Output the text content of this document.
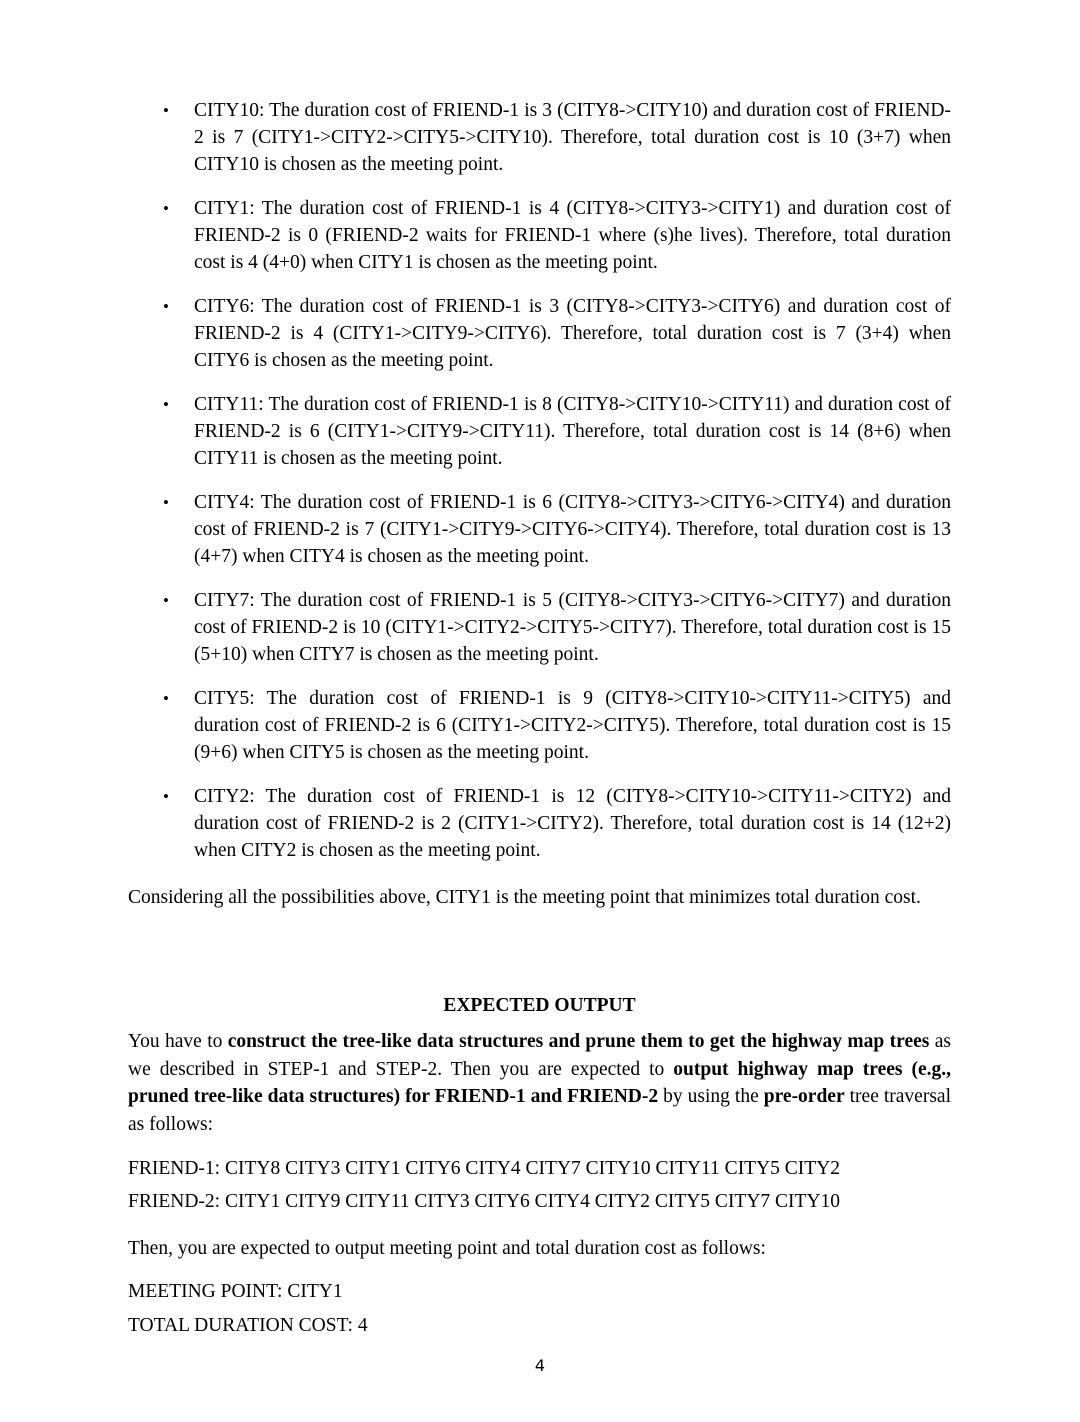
• CITY10: The duration cost of FRIEND-1 is 3 (CITY8->CITY10) and duration cost of FRIEND-2 is 7 (CITY1->CITY2->CITY5->CITY10). Therefore, total duration cost is 10 (3+7) when CITY10 is chosen as the meeting point.
• CITY1: The duration cost of FRIEND-1 is 4 (CITY8->CITY3->CITY1) and duration cost of FRIEND-2 is 0 (FRIEND-2 waits for FRIEND-1 where (s)he lives). Therefore, total duration cost is 4 (4+0) when CITY1 is chosen as the meeting point.
• CITY6: The duration cost of FRIEND-1 is 3 (CITY8->CITY3->CITY6) and duration cost of FRIEND-2 is 4 (CITY1->CITY9->CITY6). Therefore, total duration cost is 7 (3+4) when CITY6 is chosen as the meeting point.
• CITY11: The duration cost of FRIEND-1 is 8 (CITY8->CITY10->CITY11) and duration cost of FRIEND-2 is 6 (CITY1->CITY9->CITY11). Therefore, total duration cost is 14 (8+6) when CITY11 is chosen as the meeting point.
• CITY4: The duration cost of FRIEND-1 is 6 (CITY8->CITY3->CITY6->CITY4) and duration cost of FRIEND-2 is 7 (CITY1->CITY9->CITY6->CITY4). Therefore, total duration cost is 13 (4+7) when CITY4 is chosen as the meeting point.
• CITY7: The duration cost of FRIEND-1 is 5 (CITY8->CITY3->CITY6->CITY7) and duration cost of FRIEND-2 is 10 (CITY1->CITY2->CITY5->CITY7). Therefore, total duration cost is 15 (5+10) when CITY7 is chosen as the meeting point.
• CITY5: The duration cost of FRIEND-1 is 9 (CITY8->CITY10->CITY11->CITY5) and duration cost of FRIEND-2 is 6 (CITY1->CITY2->CITY5). Therefore, total duration cost is 15 (9+6) when CITY5 is chosen as the meeting point.
• CITY2: The duration cost of FRIEND-1 is 12 (CITY8->CITY10->CITY11->CITY2) and duration cost of FRIEND-2 is 2 (CITY1->CITY2). Therefore, total duration cost is 14 (12+2) when CITY2 is chosen as the meeting point.

Considering all the possibilities above, CITY1 is the meeting point that minimizes total duration cost.

EXPECTED OUTPUT

You have to construct the tree-like data structures and prune them to get the highway map trees as we described in STEP-1 and STEP-2. Then you are expected to output highway map trees (e.g., pruned tree-like data structures) for FRIEND-1 and FRIEND-2 by using the pre-order tree traversal as follows:

FRIEND-1: CITY8 CITY3 CITY1 CITY6 CITY4 CITY7 CITY10 CITY11 CITY5 CITY2

FRIEND-2: CITY1 CITY9 CITY11 CITY3 CITY6 CITY4 CITY2 CITY5 CITY7 CITY10

Then, you are expected to output meeting point and total duration cost as follows:

MEETING POINT: CITY1

TOTAL DURATION COST: 4

4
